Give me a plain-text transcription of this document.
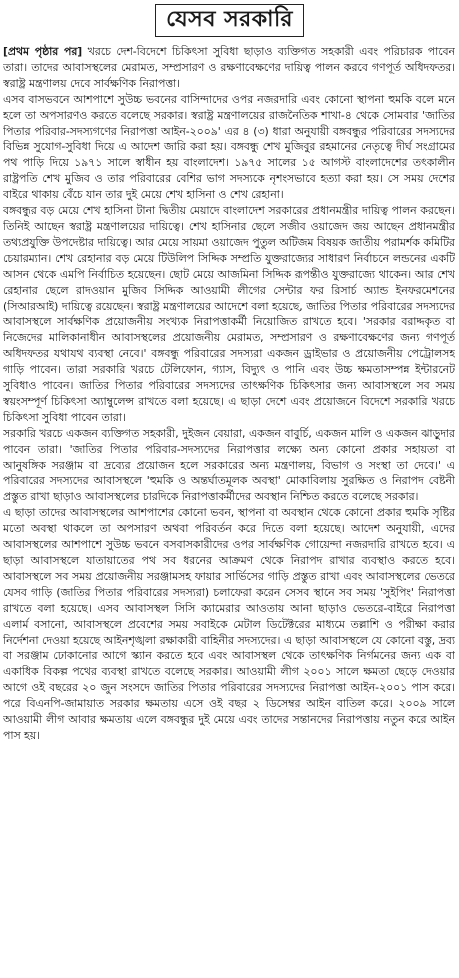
যেসব সরকারি

[প্রথম পৃষ্ঠার পর] খরচে দেশ-বিদেশে চিকিৎসা সুবিধা ছাড়াও ব্যক্তিগত সহকারী এবং পরিচারক পাবেন তারা। তাদের আবাসস্থলের মেরামত, সম্প্রসারণ ও রক্ষণাবেক্ষণের দায়িত্ব পালন করবে গণপূর্ত অধিদফতর। স্বরাষ্ট্র মন্ত্রণালয় দেবে সার্বক্ষণিক নিরাপত্তা।

এসব বাসভবনে আশপাশে সুউচ্চ ভবনের বাসিন্দাদের ওপর নজরদারি এবং কোনো স্থাপনা হুমকি বলে মনে হলে তা অপসারণও করতে বলেছে সরকার। স্বরাষ্ট্র মন্ত্রণালয়ের রাজনৈতিক শাখা-৪ থেকে সোমবার 'জাতির পিতার পরিবার-সদস্যগণের নিরাপত্তা আইন-২০০৯' এর ৪ (৩) ধারা অনুযায়ী বঙ্গবন্ধুর পরিবারের সদস্যদের বিভিন্ন সুযোগ-সুবিধা দিয়ে এ আদেশ জারি করা হয়। বঙ্গবন্ধু শেখ মুজিবুর রহমানের নেতৃত্বে দীর্ঘ সংগ্রামের পথ পাড়ি দিয়ে ১৯৭১ সালে স্বাধীন হয় বাংলাদেশ। ১৯৭৫ সালের ১৫ আগস্ট বাংলাদেশের তৎকালীন রাষ্ট্রপতি শেখ মুজিব ও তার পরিবারের বেশির ভাগ সদস্যকে নৃশংসভাবে হত্যা করা হয়। সে সময় দেশের বাইরে থাকায় বেঁচে যান তার দুই মেয়ে শেখ হাসিনা ও শেখ রেহানা।

বঙ্গবন্ধুর বড় মেয়ে শেখ হাসিনা টানা দ্বিতীয় মেয়াদে বাংলাদেশ সরকারের প্রধানমন্ত্রীর দায়িত্ব পালন করছেন। তিনিই আছেন স্বরাষ্ট্র মন্ত্রণালয়ের দায়িত্বে। শেখ হাসিনার ছেলে সজীব ওয়াজেদ জয় আছেন প্রধানমন্ত্রীর তথ্যপ্রযুক্তি উপদেষ্টার দায়িত্বে। আর মেয়ে সায়মা ওয়াজেদ পুতুল অটিজম বিষয়ক জাতীয় পরামর্শক কমিটির চেয়ারম্যান। শেখ রেহানার বড় মেয়ে টিউলিপ সিদ্দিক সম্প্রতি যুক্তরাজ্যের সাধারণ নির্বাচনে লন্ডনের একটি আসন থেকে এমপি নির্বাচিত হয়েছেন। ছোট মেয়ে আজমিনা সিদ্দিক রূপন্তীও যুক্তরাজ্যে থাকেন। আর শেখ রেহানার ছেলে রাদওয়ান মুজিব সিদ্দিক আওয়ামী লীগের সেন্টার ফর রিসার্চ অ্যান্ড ইনফরমেশনের (সিআরআই) দায়িত্বে রয়েছেন। স্বরাষ্ট্র মন্ত্রণালয়ের আদেশে বলা হয়েছে, জাতির পিতার পরিবারের সদস্যদের আবাসস্থলে সার্বক্ষণিক প্রয়োজনীয় সংখ্যক নিরাপত্তাকর্মী নিয়োজিত রাখতে হবে। 'সরকার বরাদ্দকৃত বা নিজেদের মালিকানাধীন আবাসস্থলের প্রয়োজনীয় মেরামত, সম্প্রসারণ ও রক্ষণাবেক্ষণের জন্য গণপূর্ত অধিদফতর যথাযথ ব্যবস্থা নেবে।' বঙ্গবন্ধু পরিবারের সদস্যরা একজন ড্রাইভার ও প্রয়োজনীয় পেট্রোলসহ গাড়ি পাবেন। তারা সরকারি খরচে টেলিফোন, গ্যাস, বিদ্যুৎ ও পানি এবং উচ্চ ক্ষমতাসম্পন্ন ইন্টারনেট সুবিধাও পাবেন। জাতির পিতার পরিবারের সদস্যদের তাৎক্ষণিক চিকিৎসার জন্য আবাসস্থলে সব সময় স্বয়ংসম্পূর্ণ চিকিৎসা অ্যাম্বুলেন্স রাখতে বলা হয়েছে। এ ছাড়া দেশে এবং প্রয়োজনে বিদেশে সরকারি খরচে চিকিৎসা সুবিধা পাবেন তারা।

সরকারি খরচে একজন ব্যক্তিগত সহকারী, দুইজন বেয়ারা, একজন বাবুর্চি, একজন মালি ও একজন ঝাড়ুদার পাবেন তারা। 'জাতির পিতার পরিবার-সদস্যদের নিরাপত্তার লক্ষ্যে অন্য কোনো প্রকার সহায়তা বা আনুষঙ্গিক সরঞ্জাম বা দ্রব্যের প্রয়োজন হলে সরকারের অন্য মন্ত্রণালয়, বিভাগ ও সংস্থা তা দেবে।' এ পরিবারের সদস্যদের আবাসস্থলে 'হুমকি ও অন্তর্ঘাতমূলক অবস্থা' মোকাবিলায় সুরক্ষিত ও নিরাপদ বেষ্টনী প্রস্তুত রাখা ছাড়াও আবাসস্থলের চারদিকে নিরাপত্তাকর্মীদের অবস্থান নিশ্চিত করতে বলেছে সরকার।

এ ছাড়া তাদের আবাসস্থলের আশপাশের কোনো ভবন, স্থাপনা বা অবস্থান থেকে কোনো প্রকার হুমকি সৃষ্টির মতো অবস্থা থাকলে তা অপসারণ অথবা পরিবর্তন করে দিতে বলা হয়েছে। আদেশ অনুযায়ী, এদের আবাসস্থলের আশপাশে সুউচ্চ ভবনে বসবাসকারীদের ওপর সার্বক্ষণিক গোয়েন্দা নজরদারি রাখতে হবে। এ ছাড়া আবাসস্থলে যাতায়াতের পথ সব ধরনের আক্রমণ থেকে নিরাপদ রাখার ব্যবস্থাও করতে হবে। আবাসস্থলে সব সময় প্রয়োজনীয় সরঞ্জামসহ ফায়ার সার্ভিসের গাড়ি প্রস্তুত রাখা এবং আবাসস্থলের ভেতরে যেসব গাড়ি (জাতির পিতার পরিবারের সদস্যরা) চলাফেরা করেন সেসব স্থানে সব সময় 'সুইপিং' নিরাপত্তা রাখতে বলা হয়েছে। এসব আবাসস্থল সিসি ক্যামেরার আওতায় আনা ছাড়াও ভেতরে-বাইরে নিরাপত্তা এলার্ম বসানো, আবাসস্থলে প্রবেশের সময় সবাইকে মেটাল ডিটেক্টরের মাধ্যমে তল্লাশি ও পরীক্ষা করার নির্দেশনা দেওয়া হয়েছে আইনশৃঙ্খলা রক্ষাকারী বাহিনীর সদস্যদের। এ ছাড়া আবাসস্থলে যে কোনো বস্তু, দ্রব্য বা সরঞ্জাম ঢোকানোর আগে স্ক্যান করতে হবে এবং আবাসস্থল থেকে তাৎক্ষণিক নির্গমনের জন্য এক বা একাধিক বিকল্প পথের ব্যবস্থা রাখতে বলেছে সরকার। আওয়ামী লীগ ২০০১ সালে ক্ষমতা ছেড়ে দেওয়ার আগে ওই বছরের ২০ জুন সংসদে জাতির পিতার পরিবারের সদস্যদের নিরাপত্তা আইন-২০০১ পাস করে। পরে বিএনপি-জামায়াত সরকার ক্ষমতায় এসে ওই বছর ২ ডিসেম্বর আইন বাতিল করে। ২০০৯ সালে আওয়ামী লীগ আবার ক্ষমতায় এলে বঙ্গবন্ধুর দুই মেয়ে এবং তাদের সন্তানদের নিরাপত্তায় নতুন করে আইন পাস হয়।
